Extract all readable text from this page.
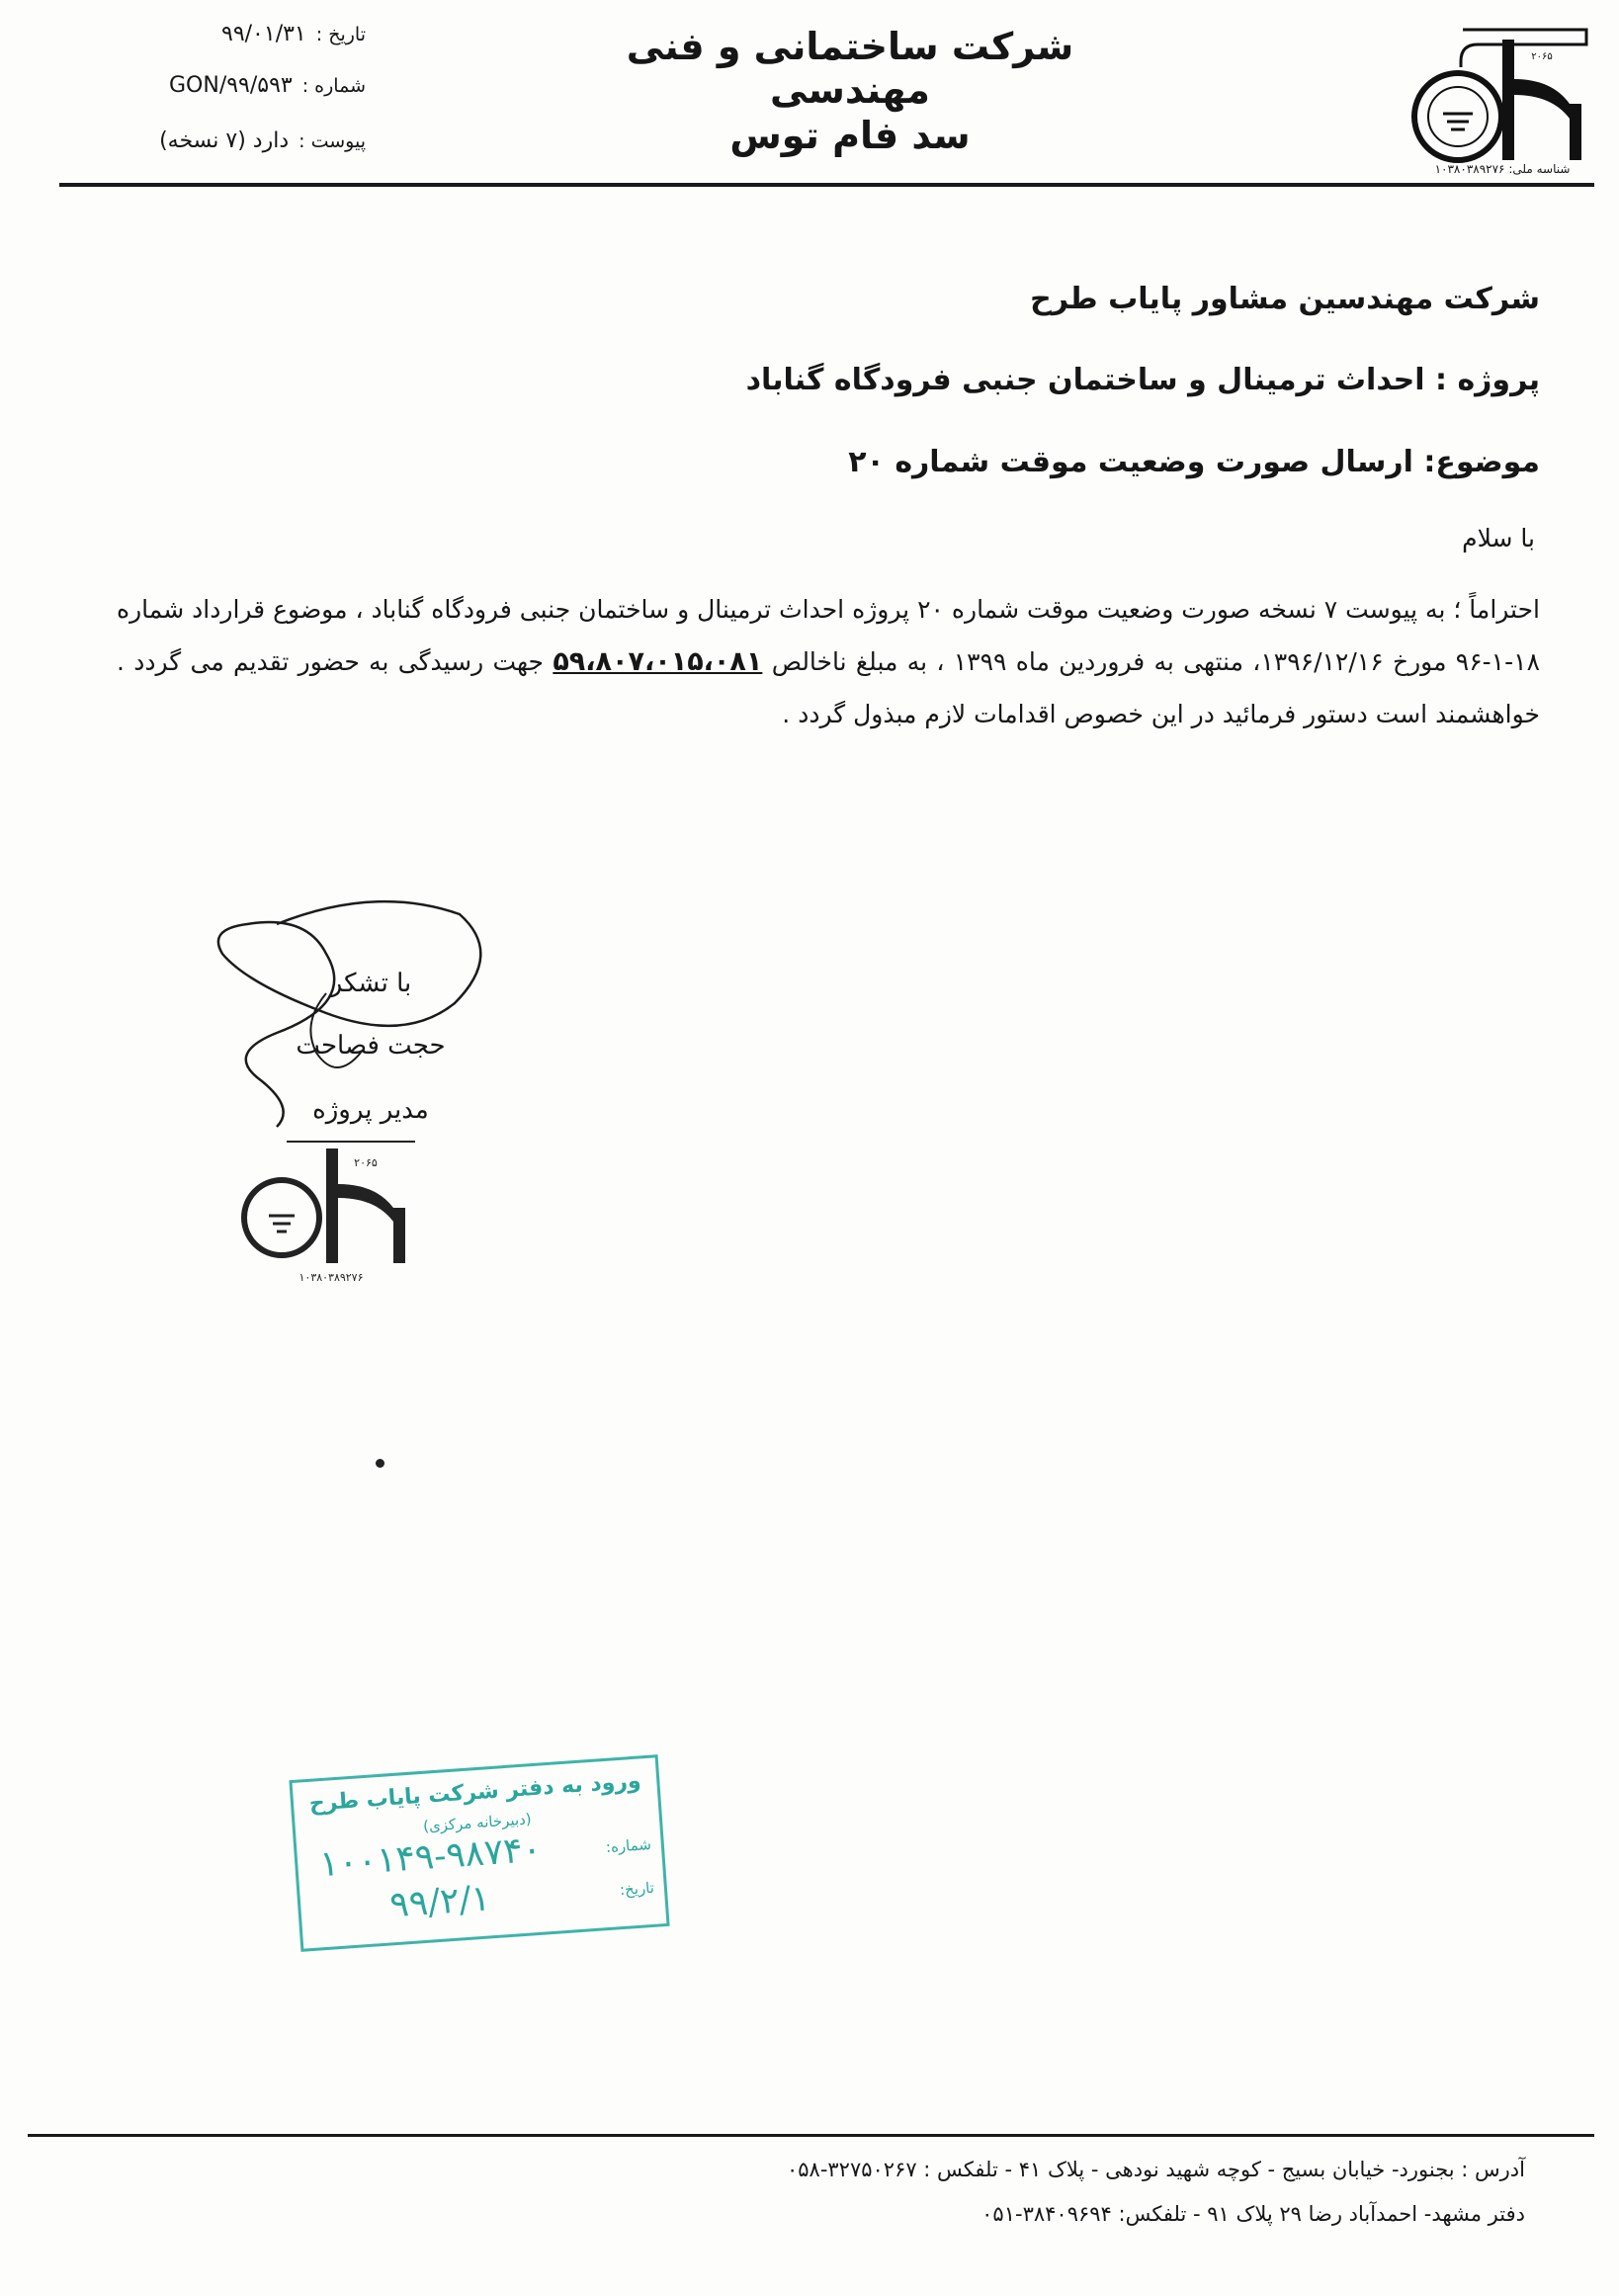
شرکت ساختمانی و فنی مهندسی
سد فام توس
تاریخ :۹۹/۰۱/۳۱
شماره :GON/۹۹/۵۹۳
پیوست :دارد (۷ نسخه)
۲۰۶۵
شناسه ملی: ۱۰۳۸۰۳۸۹۲۷۶
شرکت مهندسین مشاور پایاب طرح
پروژه : احداث ترمینال و ساختمان جنبی فرودگاه گناباد
موضوع: ارسال صورت وضعیت موقت شماره ۲۰
با سلام
احتراماً ؛ به پیوست ۷ نسخه صورت وضعیت موقت شماره ۲۰ پروژه احداث ترمینال و ساختمان جنبی فرودگاه گناباد ، موضوع قرارداد شماره ۱۸-۱-۹۶ مورخ ۱۳۹۶/۱۲/۱۶، منتهی به فروردین ماه ۱۳۹۹ ، به مبلغ ناخالص ۵۹،۸۰۷،۰۱۵،۰۸۱ جهت رسیدگی به حضور تقدیم می گردد . خواهشمند است دستور فرمائید در این خصوص اقدامات لازم مبذول گردد .
با تشکر
حجت فصاحت
مدیر پروژه
۲۰۶۵
۱۰۳۸۰۳۸۹۲۷۶
ورود به دفتر شرکت پایاب طرح
(دبیرخانه مرکزی)
شماره:
۱۰۰۱۴۹-۹۸۷۴۰
تاریخ:
۹۹/۲/۱
آدرس : بجنورد- خیابان بسیج - کوچه شهید نودهی - پلاک ۴۱ - تلفکس : ۳۲۷۵۰۲۶۷-۰۵۸
دفتر مشهد- احمدآباد رضا ۲۹ پلاک ۹۱ - تلفکس: ۳۸۴۰۹۶۹۴-۰۵۱
